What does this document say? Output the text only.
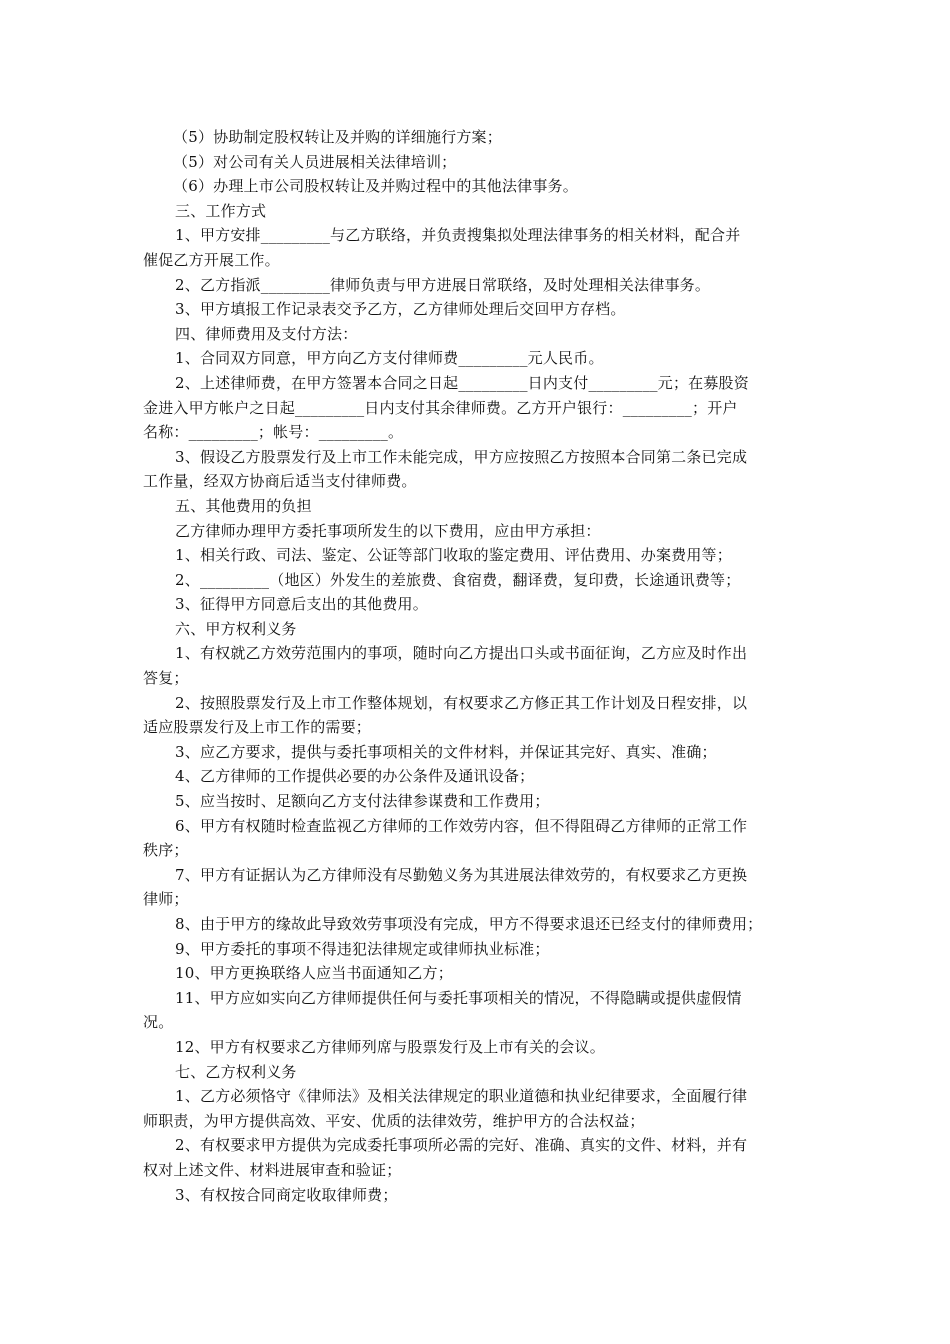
（5）协助制定股权转让及并购的详细施行方案；

（5）对公司有关人员进展相关法律培训；

（6）办理上市公司股权转让及并购过程中的其他法律事务。

三、工作方式

1、甲方安排_________与乙方联络，并负责搜集拟处理法律事务的相关材料，配合并

催促乙方开展工作。

2、乙方指派_________律师负责与甲方进展日常联络，及时处理相关法律事务。

3、甲方填报工作记录表交予乙方，乙方律师处理后交回甲方存档。

四、律师费用及支付方法：

1、合同双方同意，甲方向乙方支付律师费_________元人民币。

2、上述律师费，在甲方签署本合同之日起_________日内支付_________元；在募股资

金进入甲方帐户之日起_________日内支付其余律师费。乙方开户银行：_________；开户

名称：_________；帐号：_________。

3、假设乙方股票发行及上市工作未能完成，甲方应按照乙方按照本合同第二条已完成

工作量，经双方协商后适当支付律师费。

五、其他费用的负担

乙方律师办理甲方委托事项所发生的以下费用，应由甲方承担：

1、相关行政、司法、鉴定、公证等部门收取的鉴定费用、评估费用、办案费用等；

2、_________（地区）外发生的差旅费、食宿费，翻译费，复印费，长途通讯费等；

3、征得甲方同意后支出的其他费用。

六、甲方权利义务

1、有权就乙方效劳范围内的事项，随时向乙方提出口头或书面征询，乙方应及时作出

答复；

2、按照股票发行及上市工作整体规划，有权要求乙方修正其工作计划及日程安排，以

适应股票发行及上市工作的需要；

3、应乙方要求，提供与委托事项相关的文件材料，并保证其完好、真实、准确；

4、乙方律师的工作提供必要的办公条件及通讯设备；

5、应当按时、足额向乙方支付法律参谋费和工作费用；

6、甲方有权随时检查监视乙方律师的工作效劳内容，但不得阻碍乙方律师的正常工作

秩序；

7、甲方有证据认为乙方律师没有尽勤勉义务为其进展法律效劳的，有权要求乙方更换

律师；

8、由于甲方的缘故此导致效劳事项没有完成，甲方不得要求退还已经支付的律师费用；

9、甲方委托的事项不得违犯法律规定或律师执业标准；

10、甲方更换联络人应当书面通知乙方；

11、甲方应如实向乙方律师提供任何与委托事项相关的情况，不得隐瞒或提供虚假情

况。

12、甲方有权要求乙方律师列席与股票发行及上市有关的会议。

七、乙方权利义务

1、乙方必须恪守《律师法》及相关法律规定的职业道德和执业纪律要求，全面履行律

师职责，为甲方提供高效、平安、优质的法律效劳，维护甲方的合法权益；

2、有权要求甲方提供为完成委托事项所必需的完好、准确、真实的文件、材料，并有

权对上述文件、材料进展审查和验证；

3、有权按合同商定收取律师费；
